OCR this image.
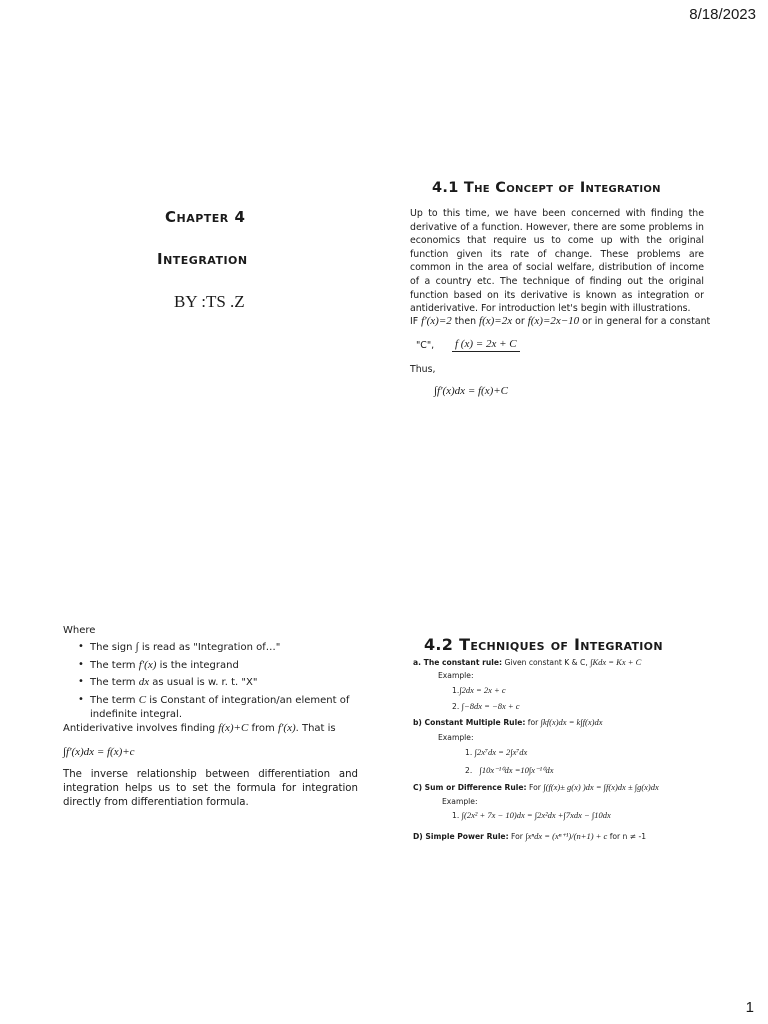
8/18/2023
1
Chapter 4
Integration
BY :TS .Z
4.1 The Concept of Integration
Up to this time, we have been concerned with finding the derivative of a function. However, there are some problems in economics that require us to come up with the original function given its rate of change. These problems are common in the area of social welfare, distribution of income of a country etc. The technique of finding out the original function based on its derivative is known as integration or antiderivative. For introduction let's begin with illustrations.
IF f′(x)=2 then f(x)=2x or f(x)=2x−10 or in general for a constant
"C", f (x) = 2x + C
Thus,
∫f′(x)dx = f(x)+C
Where
• The sign ∫ is read as "Integration of…"
• The term f′(x) is the integrand
• The term dx as usual is w. r. t. "X"
• The term C is Constant of integration/an element of indefinite integral.
Antiderivative involves finding f(x)+C from f′(x). That is
∫f′(x)dx = f(x)+c
The inverse relationship between differentiation and integration helps us to set the formula for integration directly from differentiation formula.
4.2 Techniques of Integration
a. The constant rule: Given constant K & C, ∫Kdx = Kx + C
Example:
1.∫2dx = 2x + c
2. ∫−8dx = −8x + c
b) Constant Multiple Rule: for ∫kf(x)dx = k∫f(x)dx
Example:
1. ∫2x⁷dx = 2∫x⁷dx
2. ∫10x⁻¹⁰dx =10∫x⁻¹⁰dx
C) Sum or Difference Rule: For ∫(f(x)± g(x) )dx = ∫f(x)dx ± ∫g(x)dx
Example:
1. ∫(2x² + 7x − 10)dx = ∫2x²dx +∫7xdx − ∫10dx
D) Simple Power Rule: For ∫xⁿdx = (xⁿ⁺¹)/(n+1) + c for n ≠ -1
